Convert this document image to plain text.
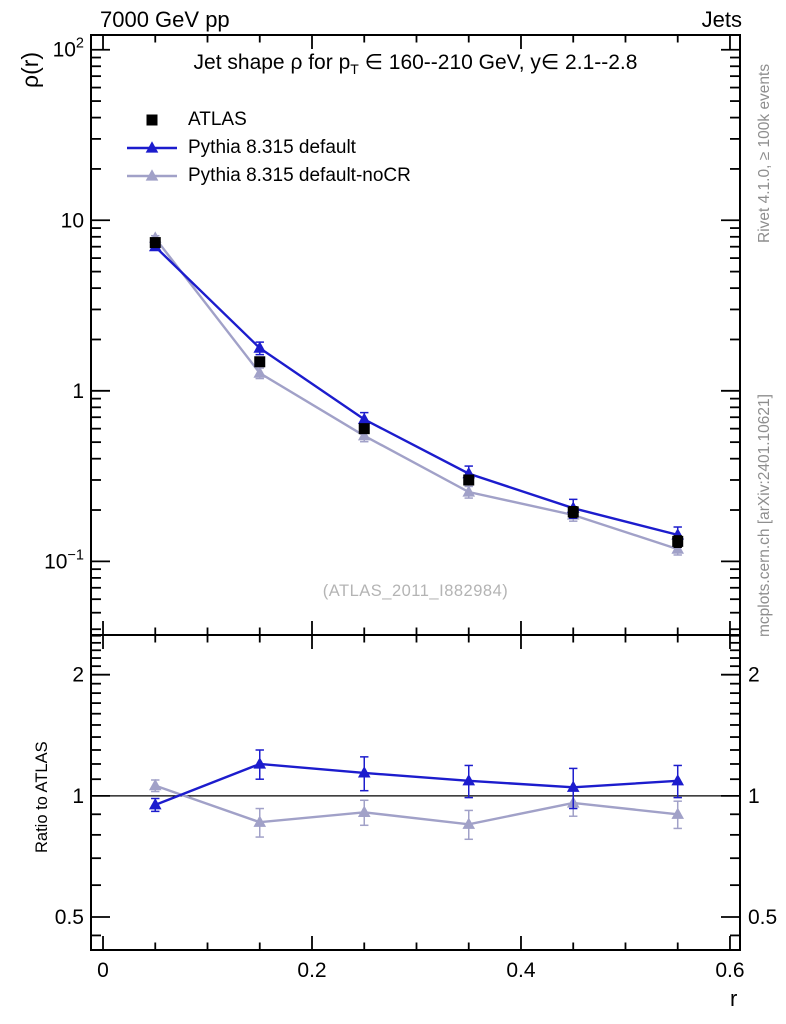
$10^2$
10
1
$10^{-1}$
2	2
1	1
0.5	0.5
0	0.2	0.4	0.6
7000 GeV pp	Jets
ρ(r)	Jet shape ρ for $p_T$ ∈ 160--210 GeV, y∈ 2.1--2.8
ATLAS
Pythia 8.315 default
Pythia 8.315 default-noCR
(ATLAS_2011_I882984)
Rivet 4.1.0, ≥ 100k events
mcplots.cern.ch [arXiv:2401.10621]
Ratio to ATLAS
r
